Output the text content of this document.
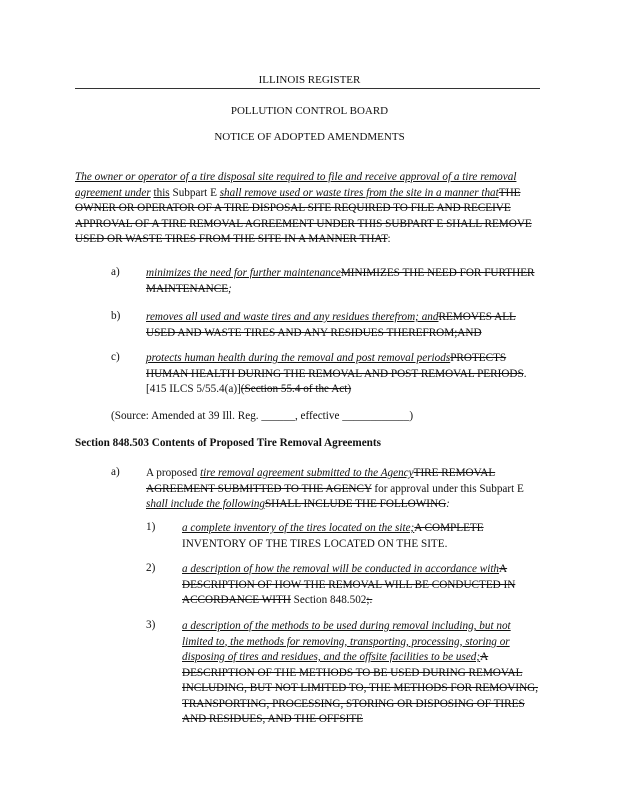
ILLINOIS REGISTER
POLLUTION CONTROL BOARD
NOTICE OF ADOPTED AMENDMENTS
The owner or operator of a tire disposal site required to file and receive approval of a tire removal agreement under this Subpart E shall remove used or waste tires from the site in a manner thatTHE OWNER OR OPERATOR OF A TIRE DISPOSAL SITE REQUIRED TO FILE AND RECEIVE APPROVAL OF A TIRE REMOVAL AGREEMENT UNDER THIS SUBPART E SHALL REMOVE USED OR WASTE TIRES FROM THE SITE IN A MANNER THAT:
a) minimizes the need for further maintenanceMINIMIZES THE NEED FOR FURTHER MAINTENANCE;
b) removes all used and waste tires and any residues therefrom; andREMOVES ALL USED AND WASTE TIRES AND ANY RESIDUES THEREFROM;AND
c) protects human health during the removal and post removal periodsPROTECTS HUMAN HEALTH DURING THE REMOVAL AND POST REMOVAL PERIODS. [415 ILCS 5/55.4(a)](Section 55.4 of the Act)
(Source: Amended at 39 Ill. Reg. ______, effective ____________)
Section 848.503 Contents of Proposed Tire Removal Agreements
a) A proposed tire removal agreement submitted to the AgencyTIRE REMOVAL AGREEMENT SUBMITTED TO THE AGENCY for approval under this Subpart E shall include the followingSHALL INCLUDE THE FOLLOWING:
1) a complete inventory of the tires located on the site;A COMPLETE INVENTORY OF THE TIRES LOCATED ON THE SITE.
2) a description of how the removal will be conducted in accordance withA DESCRIPTION OF HOW THE REMOVAL WILL BE CONDUCTED IN ACCORDANCE WITH Section 848.502;.
3) a description of the methods to be used during removal including, but not limited to, the methods for removing, transporting, processing, storing or disposing of tires and residues, and the offsite facilities to be used;A DESCRIPTION OF THE METHODS TO BE USED DURING REMOVAL INCLUDING, BUT NOT LIMITED TO, THE METHODS FOR REMOVING, TRANSPORTING, PROCESSING, STORING OR DISPOSING OF TIRES AND RESIDUES, AND THE OFFSITE
